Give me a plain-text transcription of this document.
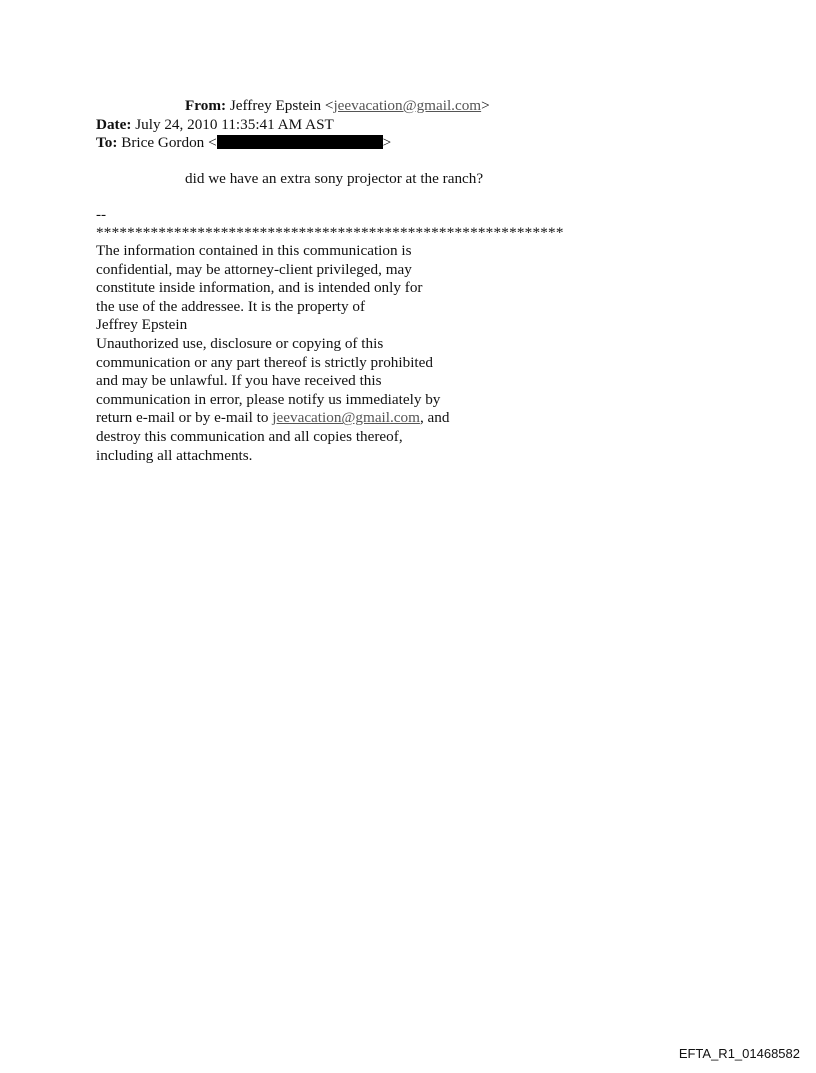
From: Jeffrey Epstein <jeevacation@gmail.com>
Date: July 24, 2010 11:35:41 AM AST
To: Brice Gordon <	>
did we have an extra sony projector at the ranch?
--
************************************************************
The information contained in this communication is
confidential, may be attorney-client privileged, may
constitute inside information, and is intended only for
the use of the addressee. It is the property of
Jeffrey Epstein
Unauthorized use, disclosure or copying of this
communication or any part thereof is strictly prohibited
and may be unlawful. If you have received this
communication in error, please notify us immediately by
return e-mail or by e-mail to jeevacation@gmail.com, and
destroy this communication and all copies thereof,
including all attachments.
EFTA_R1_01468582
